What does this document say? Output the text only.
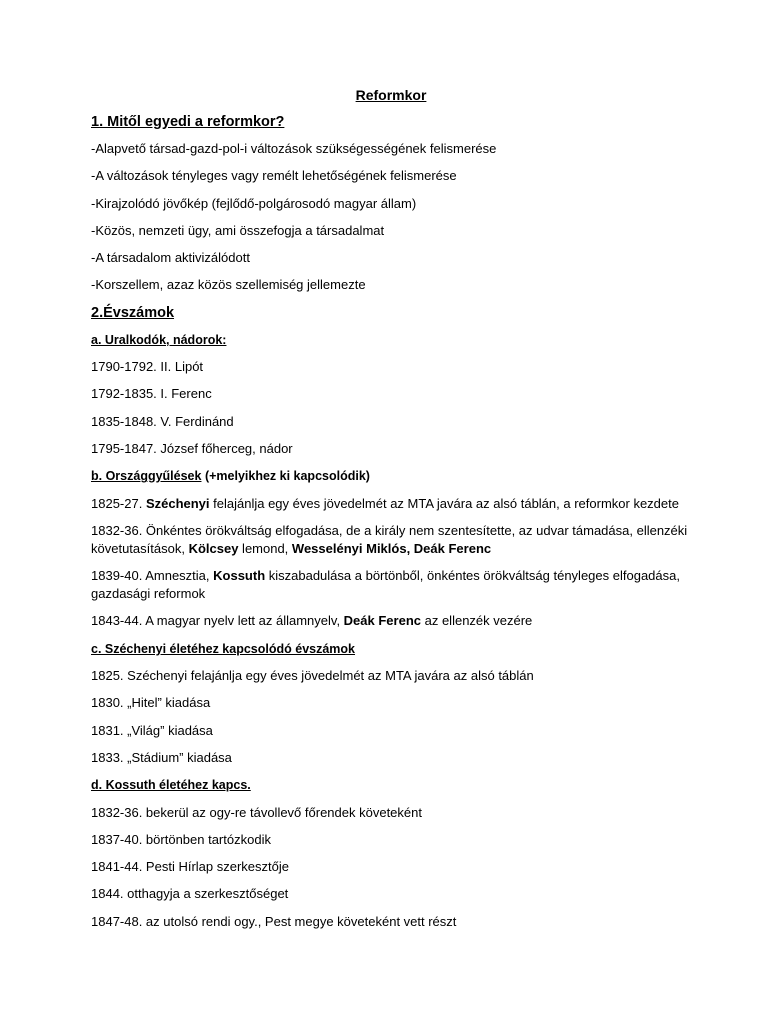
Reformkor
1. Mitől egyedi a reformkor?

-Alapvető társad-gazd-pol-i változások szükségességének felismerése

-A változások tényleges vagy remélt lehetőségének felismerése

-Kirajzolódó jövőkép (fejlődő-polgárosodó magyar állam)

-Közös, nemzeti ügy, ami összefogja a társadalmat

-A társadalom aktivizálódott

-Korszellem, azaz közös szellemiség jellemezte

2.Évszámok
a. Uralkodók, nádorok:

1790-1792. II. Lipót

1792-1835. I. Ferenc

1835-1848. V. Ferdinánd

1795-1847. József főherceg, nádor

b. Országgyűlések (+melyikhez ki kapcsolódik)

1825-27. Széchenyi felajánlja egy éves jövedelmét az MTA javára az alsó táblán, a reformkor kezdete

1832-36. Önkéntes örökváltság elfogadása, de a király nem szentesítette, az udvar támadása, ellenzéki követutasítások, Kölcsey lemond, Wesselényi Miklós, Deák Ferenc

1839-40. Amnesztia, Kossuth kiszabadulása a börtönből, önkéntes örökváltság tényleges elfogadása, gazdasági reformok

1843-44. A magyar nyelv lett az államnyelv, Deák Ferenc az ellenzék vezére

c. Széchenyi életéhez kapcsolódó évszámok

1825. Széchenyi felajánlja egy éves jövedelmét az MTA javára az alsó táblán

1830. „Hitel” kiadása

1831. „Világ” kiadása

1833. „Stádium” kiadása

d. Kossuth életéhez kapcs.

1832-36. bekerül az ogy-re távollevő főrendek követeként

1837-40. börtönben tartózkodik

1841-44. Pesti Hírlap szerkesztője

1844. otthagyja a szerkesztőséget

1847-48. az utolsó rendi ogy., Pest megye követeként vett részt
